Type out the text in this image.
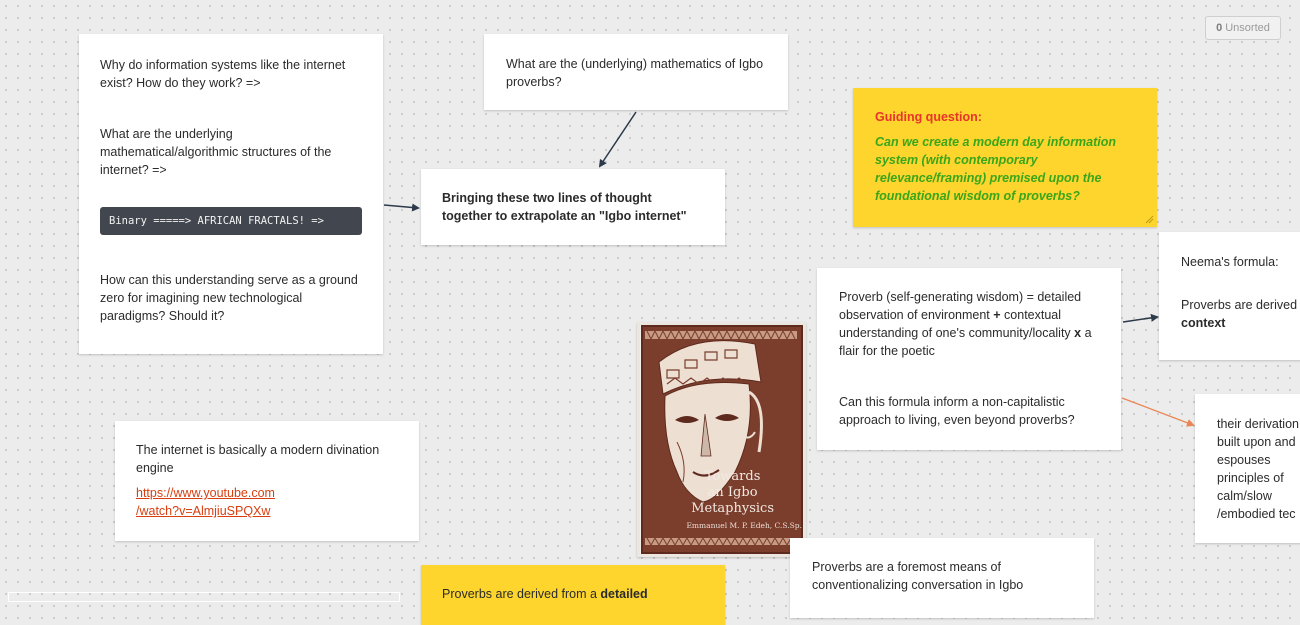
0 Unsorted

Why do information systems like the internet exist? How do they work? =>

What are the underlying mathematical/algorithmic structures of the internet? =>

Binary =====> AFRICAN FRACTALS! =>

How can this understanding serve as a ground zero for imagining new technological paradigms? Should it?

What are the (underlying) mathematics of Igbo proverbs?

Bringing these two lines of thought together to extrapolate an "Igbo internet"

Guiding question:

Can we create a modern day information system (with contemporary relevance/framing) premised upon the foundational wisdom of proverbs?

Proverb (self-generating wisdom) = detailed observation of environment + contextual understanding of one's community/locality x a flair for the poetic

Can this formula inform a non-capitalistic approach to living, even beyond proverbs?

Neema's formula:

Proverbs are derived

context

their derivation built upon and espouses principles of calm/slow /embodied tec

The internet is basically a modern divination engine

https://www.youtube.com
/watch?v=AlmjiuSPQXw

Towards
an Igbo
Metaphysics
Emmanuel M. P. Edeh, C.S.Sp.

Proverbs are derived from a detailed

Proverbs are a foremost means of conventionalizing conversation in Igbo
